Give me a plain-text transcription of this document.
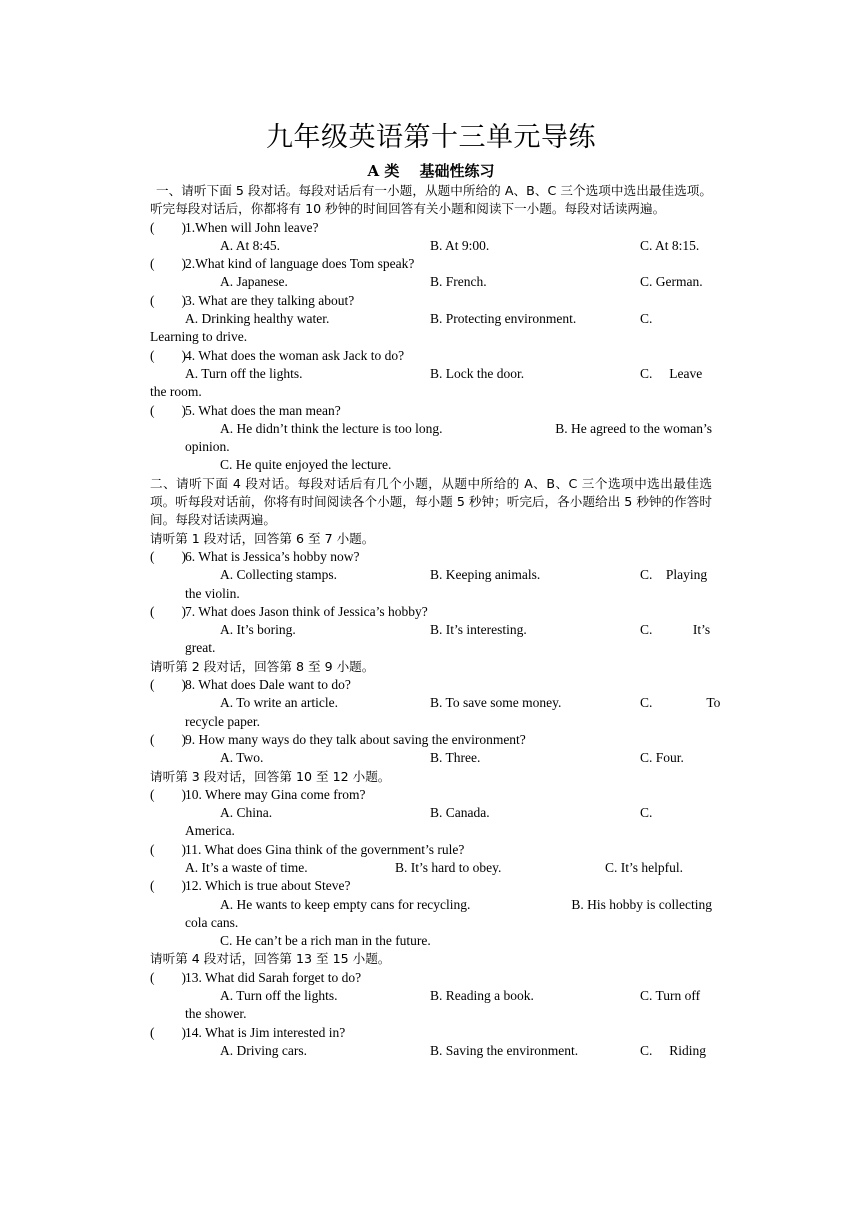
九年级英语第十三单元导练
A 类　 基础性练习
一、请听下面 5 段对话。每段对话后有一小题，从题中所给的 A、B、C 三个选项中选出最佳选项。听完每段对话后，你都将有 10 秒钟的时间回答有关小题和阅读下一小题。每段对话读两遍。
(　　) 1.When will John leave?
A. At 8:45.	B. At 9:00.	C. At 8:15.
(　　) 2.What kind of language does Tom speak?
A. Japanese.	B. French.	C. German.
(　　) 3. What are they talking about?
A. Drinking healthy water.	B. Protecting environment.	C.
Learning to drive.
(　　) 4. What does the woman ask Jack to do?
A. Turn off the lights.	B. Lock the door.	C.　 Leave
the room.
(　　) 5. What does the man mean?
A. He didn’t think the lecture is too long.	B. He agreed to the woman’s
opinion.
C. He quite enjoyed the lecture.
二、请听下面 4 段对话。每段对话后有几个小题，从题中所给的 A、B、C 三个选项中选出最佳选项。听每段对话前，你将有时间阅读各个小题，每小题 5 秒钟；听完后，各小题给出 5 秒钟的作答时间。每段对话读两遍。
请听第 1 段对话，回答第 6 至 7 小题。
(　　) 6. What is Jessica’s hobby now?
A. Collecting stamps.	B. Keeping animals.	C.　Playing
the violin.
(　　) 7. What does Jason think of Jessica’s hobby?
A. It’s boring.	B. It’s interesting.	C.　　　It’s
great.
请听第 2 段对话，回答第 8 至 9 小题。
(　　) 8. What does Dale want to do?
A. To write an article.	B. To save some money.	C.　　　　To
recycle paper.
(　　) 9. How many ways do they talk about saving the environment?
A. Two.	B. Three.	C. Four.
请听第 3 段对话，回答第 10 至 12 小题。
(　　) 10. Where may Gina come from?
A. China.	B. Canada.	C.
America.
(　　) 11. What does Gina think of the government’s rule?
A. It’s a waste of time.	B. It’s hard to obey.	C. It’s helpful.
(　　) 12. Which is true about Steve?
A. He wants to keep empty cans for recycling.	B. His hobby is collecting
cola cans.
C. He can’t be a rich man in the future.
请听第 4 段对话，回答第 13 至 15 小题。
(　　) 13. What did Sarah forget to do?
A. Turn off the lights.	B. Reading a book.	C. Turn off
the shower.
(　　) 14. What is Jim interested in?
A. Driving cars.	B. Saving the environment.	C.　 Riding
